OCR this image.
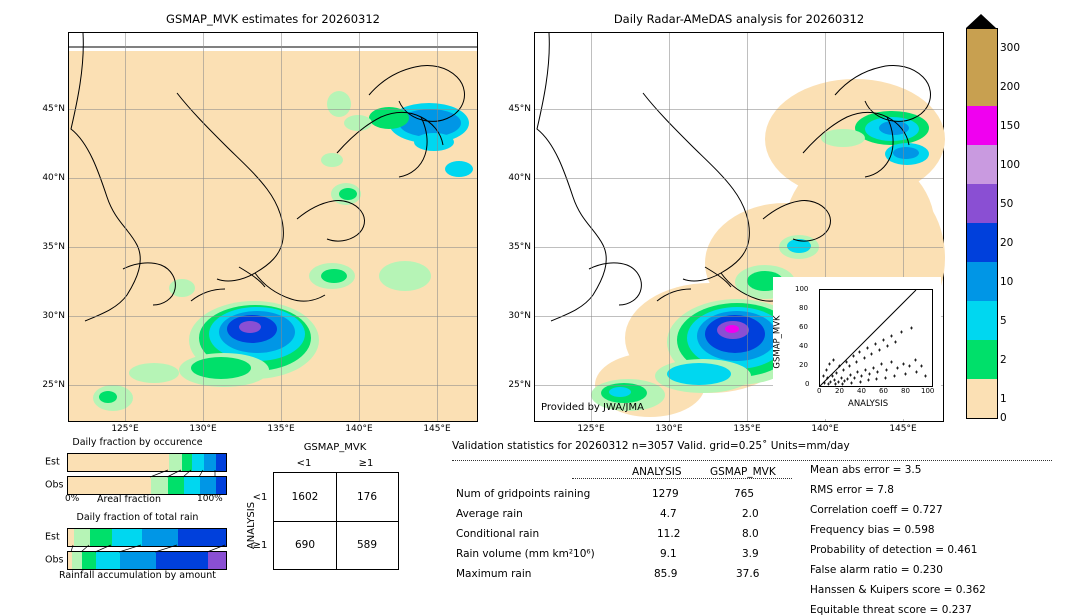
GSMAP_MVK estimates for 20260312
45°N
40°N
35°N
30°N
25°N
125°E	130°E	135°E	140°E	145°E
Daily Radar-AMeDAS analysis for 20260312
Provided by JWA/JMA
100
80
60
40
20
0
0 20 40 60 80 100
ANALYSIS
GSMAP_MVK
45°N
40°N
35°N
30°N
25°N
125°E	130°E	135°E	140°E	145°E
300
200
150
100
50
20
10
5
2
1
0
Daily fraction by occurence
Est
Obs
0% Areal fraction	100%
Daily fraction of total rain
Est
Obs
Rainfall accumulation by amount
GSMAP_MVK
<1	≥1
ANALYSIS
<1
≥1
1602	176
690	589
Validation statistics for 20260312 n=3057 Valid. grid=0.25˚ Units=mm/day
ANALYSIS	GSMAP_MVK
Num of gridpoints raining	1279	765
Average rain	4.7	2.0
Conditional rain	11.2	8.0
Rain volume (mm km²10⁶)	9.1	3.9
Maximum rain	85.9	37.6
Mean abs error = 3.5
RMS error = 7.8
Correlation coeff = 0.727
Frequency bias = 0.598
Probability of detection = 0.461
False alarm ratio = 0.230
Hanssen & Kuipers score = 0.362
Equitable threat score = 0.237
